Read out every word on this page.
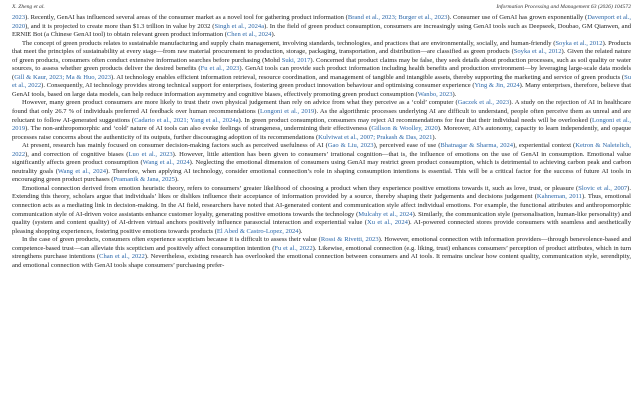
X. Zheng et al.	Information Processing and Management 63 (2026) 104572

2023). Recently, GenAI has influenced several areas of the consumer market as a novel tool for gathering product information (Brand et al., 2023; Burger et al., 2023). Consumer use of GenAI has grown exponentially (Davenport et al., 2020), and it is projected to create more than $1.3 trillion in value by 2032 (Singh et al., 2024a). In the field of green product consumption, consumers are increasingly using GenAI tools such as Deepseek, Doubao, GM Qianwen, and ERNIE Bot (a Chinese GenAI tool) to obtain relevant green product information (Chen et al., 2024).

The concept of green products relates to sustainable manufacturing and supply chain management, involving standards, technologies, and practices that are environmentally, socially, and human-friendly (Soyka et al., 2012). Products that meet the principles of sustainability at every stage—from raw material procurement to production, storage, packaging, transportation, and distribution—are classified as green products (Soyka et al., 2012). Given the related nature of green products, consumers often conduct extensive information searches before purchasing (Mohd Suki, 2017). Concerned that product claims may be false, they seek details about production processes, such as soil quality or water sources, to assess whether green products deliver the desired benefits (Fu et al., 2023). GenAI tools can provide such product information including health benefits and production environment—by leveraging large-scale data models (Gill & Kaur, 2023; Ma & Huo, 2023). AI technology enables efficient information retrieval, resource coordination, and management of tangible and intangible assets, thereby supporting the marketing and service of green products (Su et al., 2022). Consequently, AI technology provides strong technical support for enterprises, fostering green product innovation behaviour and optimising consumer experience (Ying & Jin, 2024). Many enterprises, therefore, believe that GenAI tools, based on large data models, can help reduce information asymmetry and cognitive biases, effectively promoting green product consumption (Wanbo, 2023).

However, many green product consumers are more likely to trust their own physical judgement than rely on advice from what they perceive as a ‘cold’ computer (Gaczek et al., 2023). A study on the rejection of AI in healthcare found that only 26.7 % of individuals preferred AI feedback over human recommendations (Longoni et al., 2019). As the algorithmic processes underlying AI are difficult to understand, people often perceive them as unreal and are reluctant to follow AI-generated suggestions (Cadario et al., 2021; Yang et al., 2024a). In green product consumption, consumers may reject AI recommendations for fear that their individual needs will be overlooked (Longoni et al., 2019). The non-anthropomorphic and ‘cold’ nature of AI tools can also evoke feelings of strangeness, undermining their effectiveness (Gillson & Woolley, 2020). Moreover, AI’s autonomy, capacity to learn independently, and opaque processes raise concerns about the authenticity of its outputs, further discouraging adoption of its recommendations (Kulviwat et al., 2007; Prakash & Das, 2021).

At present, research has mainly focused on consumer decision-making factors such as perceived usefulness of AI (Gao & Liu, 2023), perceived ease of use (Bhatnagar & Sharma, 2024), experiential context (Ketron & Naletelich, 2022), and correction of cognitive biases (Luo et al., 2023). However, little attention has been given to consumers’ irrational cognition—that is, the influence of emotions on the use of GenAI in consumption. Emotional value significantly affects green product consumption (Wang et al., 2024). Neglecting the emotional dimension of consumers using GenAI may restrict green product consumption, which is detrimental to achieving carbon peak and carbon neutrality goals (Wang et al., 2024). Therefore, when applying AI technology, consider emotional connection’s role in shaping consumption intentions is essential. This will be a critical factor for the success of future AI tools in encouraging green product purchases (Pramanik & Jana, 2025).

Emotional connection derived from emotion heuristic theory, refers to consumers’ greater likelihood of choosing a product when they experience positive emotions towards it, such as love, trust, or pleasure (Slovic et al., 2007). Extending this theory, scholars argue that individuals’ likes or dislikes influence their acceptance of information provided by a source, thereby shaping their judgements and decisions judgement (Kahneman, 2011). Thus, emotional connection acts as a mediating link in decision-making. In the AI field, researchers have noted that AI-generated content and communication style affect individual emotions. For example, the functional attributes and anthropomorphic communication style of AI-driven voice assistants enhance customer loyalty, generating positive emotions towards the technology (Mulcahy et al., 2024). Similarly, the communication style (personalisation, human-like personality) and quality (system and content quality) of AI-driven virtual anchors positively influence parasocial interaction and experiential value (Xu et al., 2024). AI-powered connected stores provide consumers with seamless and aesthetically pleasing shopping experiences, fostering positive emotions towards products (El Abed & Castro-Lopez, 2024).

In the case of green products, consumers often experience scepticism because it is difficult to assess their value (Rossi & Rivetti, 2023). However, emotional connection with information providers—through benevolence-based and competence-based trust—can alleviate this scepticism and positively affect consumption intention (Fu et al., 2022). Likewise, emotional connection (e.g. liking, trust) enhances consumers’ perception of product attributes, which in turn strengthens purchase intentions (Chan et al., 2022). Nevertheless, existing research has overlooked the emotional connection between consumers and AI tools. It remains unclear how content quality, communication style, serendipity, and emotional connection with GenAI tools shape consumers’ purchasing prefer-
